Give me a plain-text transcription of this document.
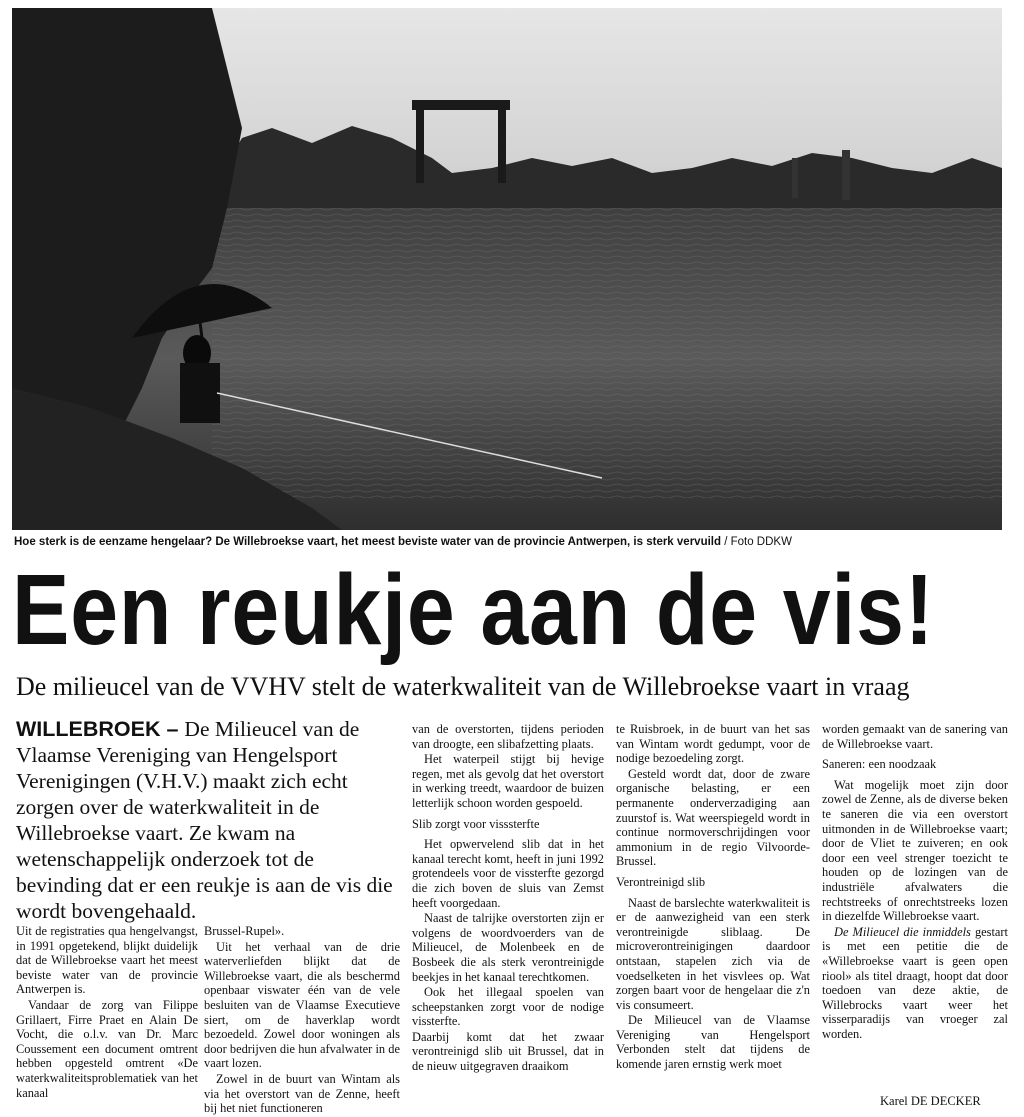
Hoe sterk is de eenzame hengelaar? De Willebroekse vaart, het meest beviste water van de provincie Antwerpen, is sterk vervuild / Foto DDKW
Een reukje aan de vis!
De milieucel van de VVHV stelt de waterkwaliteit van de Willebroekse vaart in vraag
WILLEBROEK – De Milieucel van de Vlaamse Vereniging van Hengelsport Verenigingen (V.H.V.) maakt zich echt zorgen over de waterkwaliteit in de Willebroekse vaart. Ze kwam na wetenschappelijk onderzoek tot de bevinding dat er een reukje is aan de vis die wordt bovengehaald.

Uit de registraties qua hengelvangst, in 1991 opgetekend, blijkt duidelijk dat de Willebroekse vaart het meest beviste water van de provincie Antwerpen is.

Vandaar de zorg van Filippe Grillaert, Firre Praet en Alain De Vocht, die o.l.v. van Dr. Marc Coussement een document omtrent hebben opgesteld omtrent «De waterkwaliteitsproblematiek van het kanaal

Brussel-Rupel».

Uit het verhaal van de drie waterverliefden blijkt dat de Willebroekse vaart, die als beschermd openbaar viswater één van de vele besluiten van de Vlaamse Executieve siert, om de haverklap wordt bezoedeld. Zowel door woningen als door bedrijven die hun afvalwater in de vaart lozen.

Zowel in de buurt van Wintam als via het overstort van de Zenne, heeft bij het niet functioneren

van de overstorten, tijdens perioden van droogte, een slibafzetting plaats.

Het waterpeil stijgt bij hevige regen, met als gevolg dat het overstort in werking treedt, waardoor de buizen letterlijk schoon worden gespoeld.

Slib zorgt voor visssterfte

Het opwervelend slib dat in het kanaal terecht komt, heeft in juni 1992 grotendeels voor de vissterfte gezorgd die zich boven de sluis van Zemst heeft voorgedaan.

Naast de talrijke overstorten zijn er volgens de woordvoerders van de Milieucel, de Molenbeek en de Bosbeek die als sterk verontreinigde beekjes in het kanaal terechtkomen.

Ook het illegaal spoelen van scheepstanken zorgt voor de nodige vissterfte.

Daarbij komt dat het zwaar verontreinigd slib uit Brussel, dat in de nieuw uitgegraven draaikom

te Ruisbroek, in de buurt van het sas van Wintam wordt gedumpt, voor de nodige bezoedeling zorgt.

Gesteld wordt dat, door de zware organische belasting, er een permanente onderverzadiging aan zuurstof is. Wat weerspiegeld wordt in continue normoverschrijdingen voor ammonium in de regio Vilvoorde-Brussel.

Verontreinigd slib

Naast de barslechte waterkwaliteit is er de aanwezigheid van een sterk verontreinigde sliblaag. De microverontreinigingen daardoor ontstaan, stapelen zich via de voedselketen in het visvlees op. Wat zorgen baart voor de hengelaar die z'n vis consumeert.

De Milieucel van de Vlaamse Vereniging van Hengelsport Verbonden stelt dat tijdens de komende jaren ernstig werk moet

worden gemaakt van de sanering van de Willebroekse vaart.

Saneren: een noodzaak

Wat mogelijk moet zijn door zowel de Zenne, als de diverse beken te saneren die via een overstort uitmonden in de Willebroekse vaart; door de Vliet te zuiveren; en ook door een veel strenger toezicht te houden op de lozingen van de industriële afvalwaters die rechtstreeks of onrechtstreeks lozen in diezelfde Willebroekse vaart.

De Milieucel die inmiddels gestart is met een petitie die de «Willebroekse vaart is geen open riool» als titel draagt, hoopt dat door toedoen van deze aktie, de Willebrocks vaart weer het visserparadijs van vroeger zal worden.

Karel DE DECKER
